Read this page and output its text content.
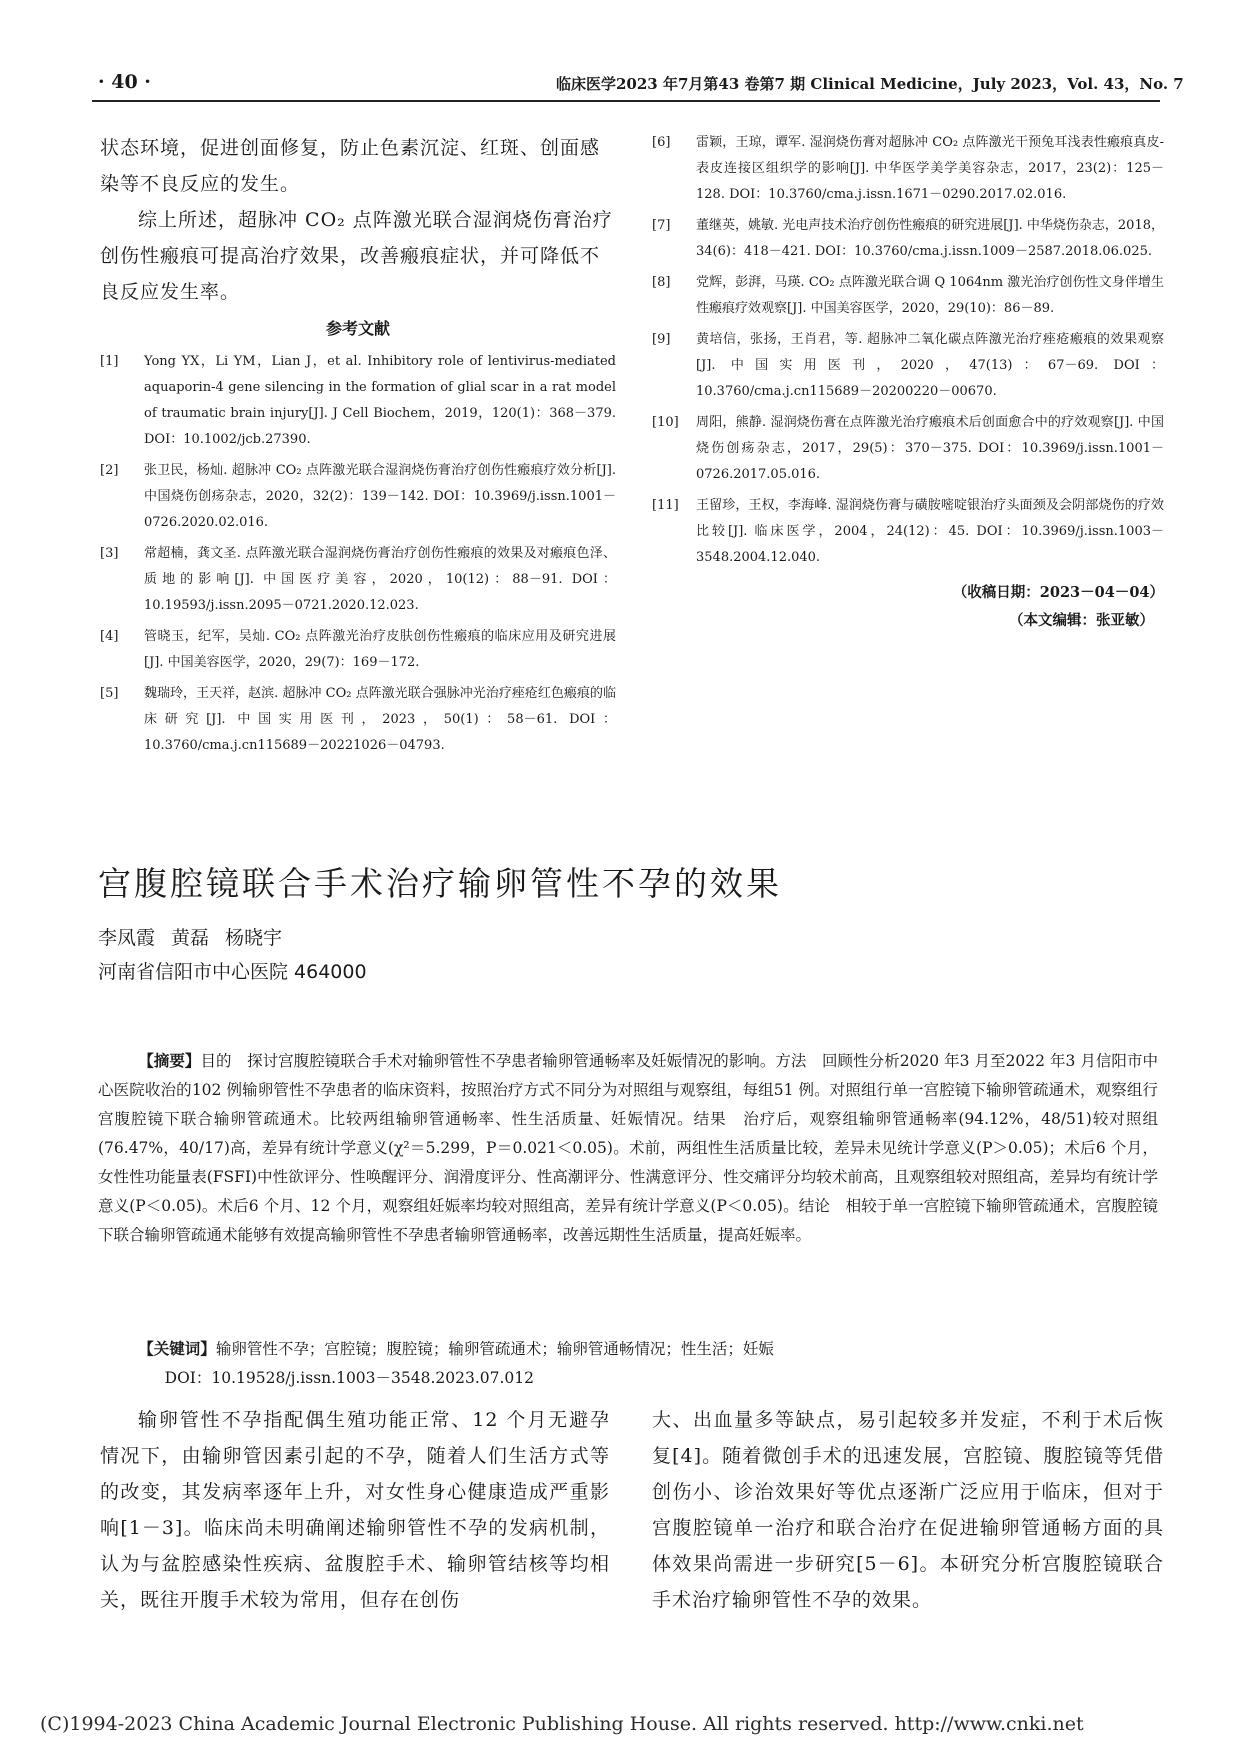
· 40 ·	临床医学2023 年7月第43 卷第7 期 Clinical Medicine，July 2023，Vol. 43，No. 7

状态环境，促进创面修复，防止色素沉淀、红斑、创面感染等不良反应的发生。

综上所述，超脉冲 CO₂ 点阵激光联合湿润烧伤膏治疗创伤性瘢痕可提高治疗效果，改善瘢痕症状，并可降低不良反应发生率。

参考文献
[1]	Yong YX，Li YM，Lian J，et al. Inhibitory role of lentivirus-mediated aquaporin-4 gene silencing in the formation of glial scar in a rat model of traumatic brain injury[J]. J Cell Biochem，2019，120(1)：368－379. DOI：10.1002/jcb.27390.
[2]	张卫民，杨灿. 超脉冲 CO₂ 点阵激光联合湿润烧伤膏治疗创伤性瘢痕疗效分析[J]. 中国烧伤创疡杂志，2020，32(2)：139－142. DOI：10.3969/j.issn.1001－0726.2020.02.016.
[3]	常超楠，龚文圣. 点阵激光联合湿润烧伤膏治疗创伤性瘢痕的效果及对瘢痕色泽、质地的影响[J]. 中国医疗美容，2020，10(12)：88－91. DOI：10.19593/j.issn.2095－0721.2020.12.023.
[4]	管晓玉，纪军，吴灿. CO₂ 点阵激光治疗皮肤创伤性瘢痕的临床应用及研究进展[J]. 中国美容医学，2020，29(7)：169－172.
[5]	魏瑞玲，王天祥，赵滨. 超脉冲 CO₂ 点阵激光联合强脉冲光治疗痤疮红色瘢痕的临床研究[J]. 中国实用医刊，2023，50(1)：58－61. DOI：10.3760/cma.j.cn115689－20221026－04793.
[6]	雷颖，王琼，谭军. 湿润烧伤膏对超脉冲 CO₂ 点阵激光干预兔耳浅表性瘢痕真皮-表皮连接区组织学的影响[J]. 中华医学美学美容杂志，2017，23(2)：125－128. DOI：10.3760/cma.j.issn.1671－0290.2017.02.016.
[7]	董继英，姚敏. 光电声技术治疗创伤性瘢痕的研究进展[J]. 中华烧伤杂志，2018，34(6)：418－421. DOI：10.3760/cma.j.issn.1009－2587.2018.06.025.
[8]	党辉，彭湃，马瑛. CO₂ 点阵激光联合调 Q 1064nm 激光治疗创伤性文身伴增生性瘢痕疗效观察[J]. 中国美容医学，2020，29(10)：86－89.
[9]	黄培信，张扬，王肖君，等. 超脉冲二氧化碳点阵激光治疗痤疮瘢痕的效果观察[J]. 中国实用医刊，2020，47(13)：67－69. DOI：10.3760/cma.j.cn115689－20200220－00670.
[10]	周阳，熊静. 湿润烧伤膏在点阵激光治疗瘢痕术后创面愈合中的疗效观察[J]. 中国烧伤创疡杂志，2017，29(5)：370－375. DOI：10.3969/j.issn.1001－0726.2017.05.016.
[11]	王留珍，王权，李海峰. 湿润烧伤膏与磺胺嘧啶银治疗头面颈及会阴部烧伤的疗效比较[J]. 临床医学，2004，24(12)：45. DOI：10.3969/j.issn.1003－3548.2004.12.040.
（收稿日期：2023－04－04）
（本文编辑：张亚敏）
宫腹腔镜联合手术治疗输卵管性不孕的效果
李凤霞 黄磊 杨晓宇
河南省信阳市中心医院 464000

【摘要】目的　探讨宫腹腔镜联合手术对输卵管性不孕患者输卵管通畅率及妊娠情况的影响。方法　回顾性分析2020 年3 月至2022 年3 月信阳市中心医院收治的102 例输卵管性不孕患者的临床资料，按照治疗方式不同分为对照组与观察组，每组51 例。对照组行单一宫腔镜下输卵管疏通术，观察组行宫腹腔镜下联合输卵管疏通术。比较两组输卵管通畅率、性生活质量、妊娠情况。结果　治疗后，观察组输卵管通畅率(94.12%，48/51)较对照组(76.47%，40/17)高，差异有统计学意义(χ²＝5.299，P＝0.021＜0.05)。术前，两组性生活质量比较，差异未见统计学意义(P＞0.05)；术后6 个月，女性性功能量表(FSFI)中性欲评分、性唤醒评分、润滑度评分、性高潮评分、性满意评分、性交痛评分均较术前高，且观察组较对照组高，差异均有统计学意义(P＜0.05)。术后6 个月、12 个月，观察组妊娠率均较对照组高，差异有统计学意义(P＜0.05)。结论　相较于单一宫腔镜下输卵管疏通术，宫腹腔镜下联合输卵管疏通术能够有效提高输卵管性不孕患者输卵管通畅率，改善远期性生活质量，提高妊娠率。

【关键词】输卵管性不孕；宫腔镜；腹腔镜；输卵管疏通术；输卵管通畅情况；性生活；妊娠
DOI：10.19528/j.issn.1003－3548.2023.07.012

输卵管性不孕指配偶生殖功能正常、12 个月无避孕情况下，由输卵管因素引起的不孕，随着人们生活方式等的改变，其发病率逐年上升，对女性身心健康造成严重影响[1－3]。临床尚未明确阐述输卵管性不孕的发病机制，认为与盆腔感染性疾病、盆腹腔手术、输卵管结核等均相关，既往开腹手术较为常用，但存在创伤

大、出血量多等缺点，易引起较多并发症，不利于术后恢复[4]。随着微创手术的迅速发展，宫腔镜、腹腔镜等凭借创伤小、诊治效果好等优点逐渐广泛应用于临床，但对于宫腹腔镜单一治疗和联合治疗在促进输卵管通畅方面的具体效果尚需进一步研究[5－6]。本研究分析宫腹腔镜联合手术治疗输卵管性不孕的效果。

(C)1994-2023 China Academic Journal Electronic Publishing House. All rights reserved. http://www.cnki.net
